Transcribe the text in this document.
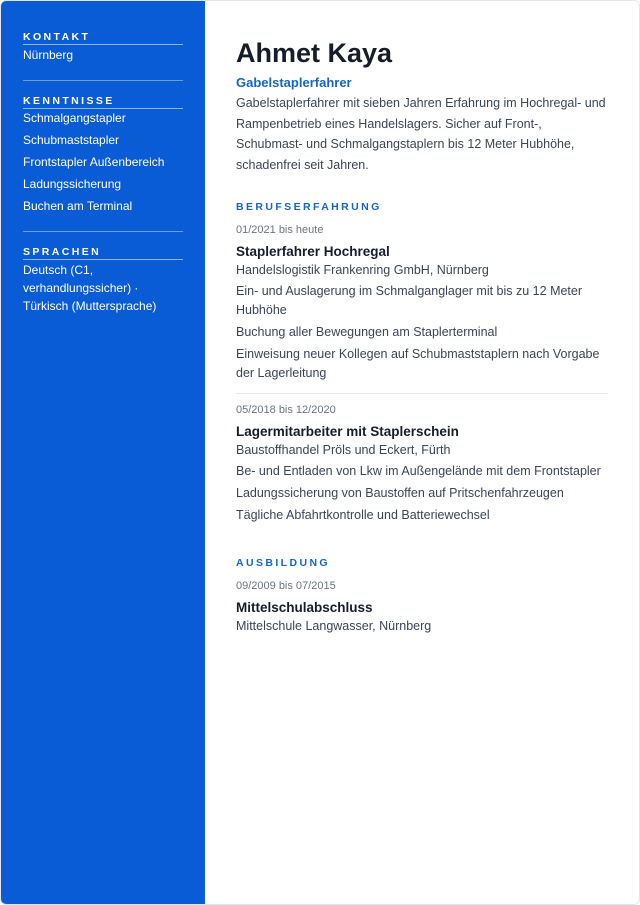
KONTAKT
Nürnberg
KENNTNISSE
Schmalgangstapler
Schubmaststapler
Frontstapler Außenbereich
Ladungssicherung
Buchen am Terminal
SPRACHEN
Deutsch (C1, verhandlungssicher) · Türkisch (Muttersprache)
Ahmet Kaya
Gabelstaplerfahrer
Gabelstaplerfahrer mit sieben Jahren Erfahrung im Hochregal- und Rampenbetrieb eines Handelslagers. Sicher auf Front-, Schubmast- und Schmalgangstaplern bis 12 Meter Hubhöhe, schadenfrei seit Jahren.
BERUFSERFAHRUNG
01/2021 bis heute
Staplerfahrer Hochregal
Handelslogistik Frankenring GmbH, Nürnberg
Ein- und Auslagerung im Schmalganglager mit bis zu 12 Meter Hubhöhe
Buchung aller Bewegungen am Staplerterminal
Einweisung neuer Kollegen auf Schubmaststaplern nach Vorgabe der Lagerleitung
05/2018 bis 12/2020
Lagermitarbeiter mit Staplerschein
Baustoffhandel Pröls und Eckert, Fürth
Be- und Entladen von Lkw im Außengelände mit dem Frontstapler
Ladungssicherung von Baustoffen auf Pritschenfahrzeugen
Tägliche Abfahrtkontrolle und Batteriewechsel
AUSBILDUNG
09/2009 bis 07/2015
Mittelschulabschluss
Mittelschule Langwasser, Nürnberg
